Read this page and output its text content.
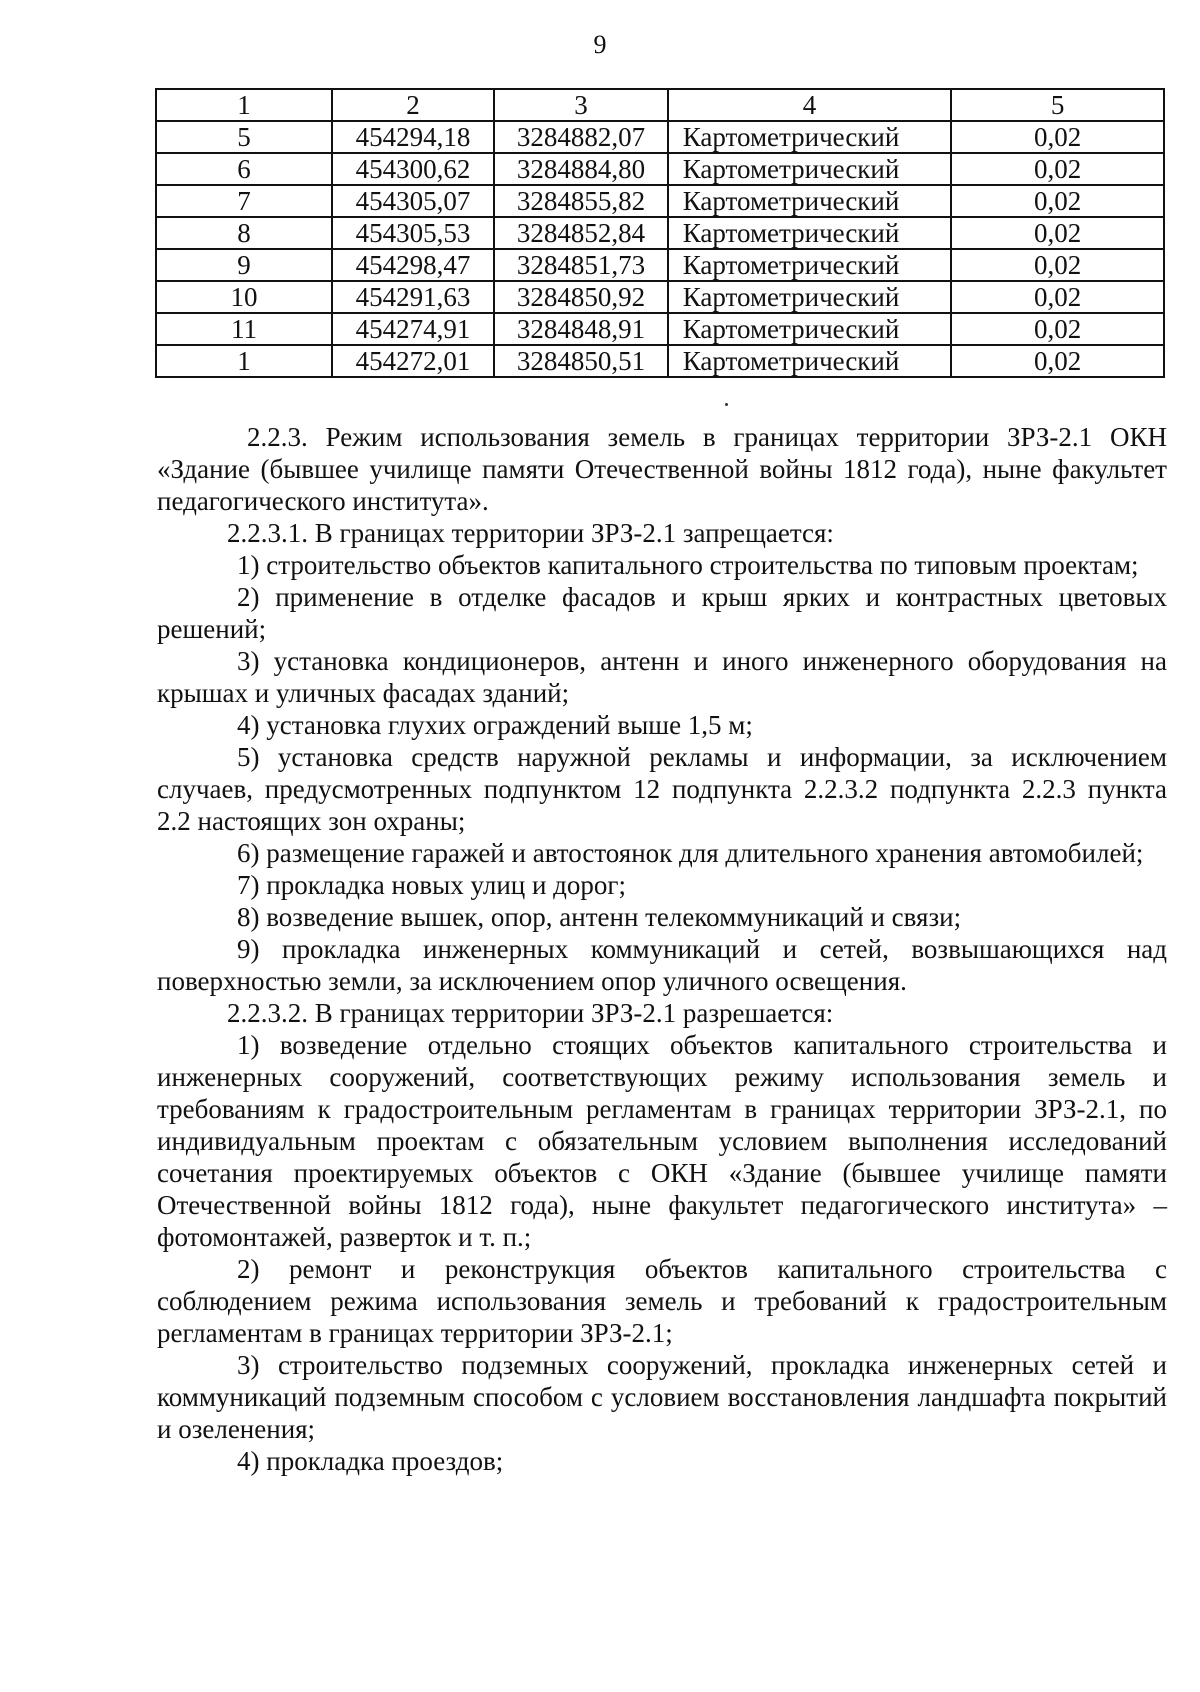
9
1	2	3	4	5
5	454294,18	3284882,07	Картометрический	0,02
6	454300,62	3284884,80	Картометрический	0,02
7	454305,07	3284855,82	Картометрический	0,02
8	454305,53	3284852,84	Картометрический	0,02
9	454298,47	3284851,73	Картометрический	0,02
10	454291,63	3284850,92	Картометрический	0,02
11	454274,91	3284848,91	Картометрический	0,02
1	454272,01	3284850,51	Картометрический	0,02

2.2.3. Режим использования земель в границах территории ЗРЗ-2.1 ОКН «Здание (бывшее училище памяти Отечественной войны 1812 года), ныне факультет педагогического института».

2.2.3.1. В границах территории ЗРЗ-2.1 запрещается:

1) строительство объектов капитального строительства по типовым проектам;

2) применение в отделке фасадов и крыш ярких и контрастных цветовых решений;

3) установка кондиционеров, антенн и иного инженерного оборудования на крышах и уличных фасадах зданий;

4) установка глухих ограждений выше 1,5 м;

5) установка средств наружной рекламы и информации, за исключением случаев, предусмотренных подпунктом 12 подпункта 2.2.3.2 подпункта 2.2.3 пункта 2.2 настоящих зон охраны;

6) размещение гаражей и автостоянок для длительного хранения автомобилей;

7) прокладка новых улиц и дорог;

8) возведение вышек, опор, антенн телекоммуникаций и связи;

9) прокладка инженерных коммуникаций и сетей, возвышающихся над поверхностью земли, за исключением опор уличного освещения.

2.2.3.2. В границах территории ЗРЗ-2.1 разрешается:

1) возведение отдельно стоящих объектов капитального строительства и инженерных сооружений, соответствующих режиму использования земель и требованиям к градостроительным регламентам в границах территории ЗРЗ-2.1, по индивидуальным проектам с обязательным условием выполнения исследований сочетания проектируемых объектов с ОКН «Здание (бывшее училище памяти Отечественной войны 1812 года), ныне факультет педагогического института» – фотомонтажей, разверток и т. п.;

2) ремонт и реконструкция объектов капитального строительства с соблюдением режима использования земель и требований к градостроительным регламентам в границах территории ЗРЗ-2.1;

3) строительство подземных сооружений, прокладка инженерных сетей и коммуникаций подземным способом с условием восстановления ландшафта покрытий и озеленения;

4) прокладка проездов;
